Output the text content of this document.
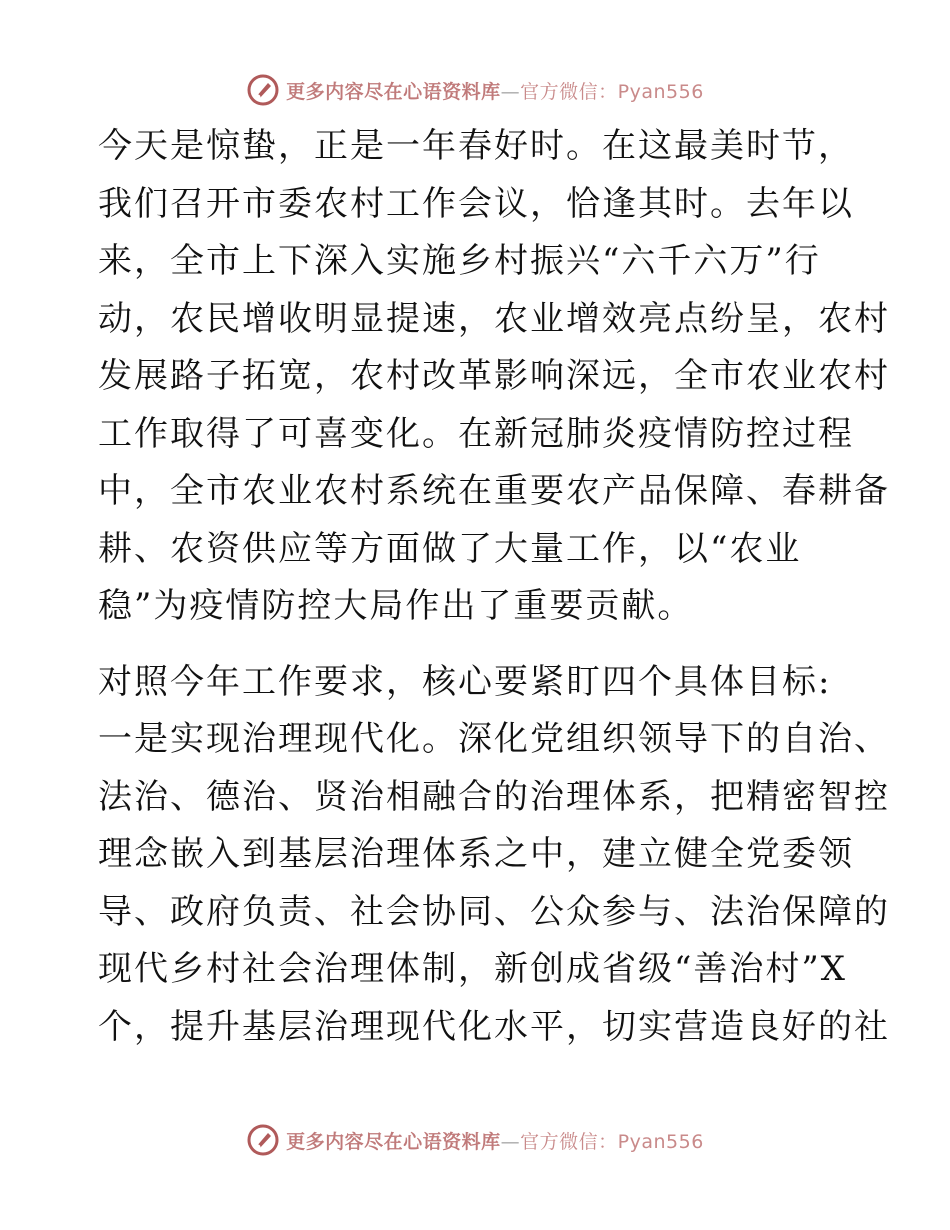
更多内容尽在心语资料库—官方微信：Pyan556

今天是惊蛰，正是一年春好时。在这最美时节，
我们召开市委农村工作会议，恰逢其时。去年以
来，全市上下深入实施乡村振兴“六千六万”行
动，农民增收明显提速，农业增效亮点纷呈，农村
发展路子拓宽，农村改革影响深远，全市农业农村
工作取得了可喜变化。在新冠肺炎疫情防控过程
中，全市农业农村系统在重要农产品保障、春耕备
耕、农资供应等方面做了大量工作，以“农业
稳”为疫情防控大局作出了重要贡献。

对照今年工作要求，核心要紧盯四个具体目标:
一是实现治理现代化。深化党组织领导下的自治、
法治、德治、贤治相融合的治理体系，把精密智控
理念嵌入到基层治理体系之中，建立健全党委领
导、政府负责、社会协同、公众参与、法治保障的
现代乡村社会治理体制，新创成省级“善治村”X
个，提升基层治理现代化水平，切实营造良好的社

更多内容尽在心语资料库—官方微信：Pyan556
